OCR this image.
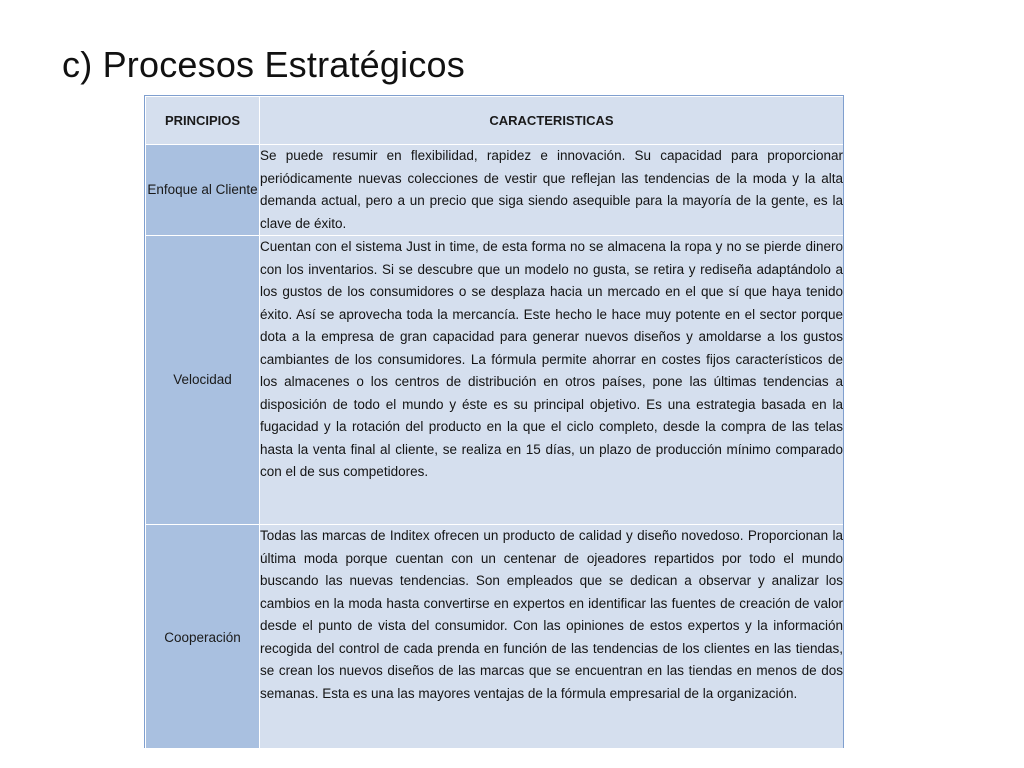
c) Procesos Estratégicos
PRINCIPIOS	CARACTERISTICAS
Enfoque al Cliente	Se puede resumir en flexibilidad, rapidez e innovación. Su capacidad para proporcionar periódicamente nuevas colecciones de vestir que reflejan las tendencias de la moda y la alta demanda actual, pero a un precio que siga siendo asequible para la mayoría de la gente, es la clave de éxito.
Velocidad	Cuentan con el sistema Just in time, de esta forma no se almacena la ropa y no se pierde dinero con los inventarios. Si se descubre que un modelo no gusta, se retira y rediseña adaptándolo a los gustos de los consumidores o se desplaza hacia un mercado en el que sí que haya tenido éxito. Así se aprovecha toda la mercancía. Este hecho le hace muy potente en el sector porque dota a la empresa de gran capacidad para generar nuevos diseños y amoldarse a los gustos cambiantes de los consumidores. La fórmula permite ahorrar en costes fijos característicos de los almacenes o los centros de distribución en otros países, pone las últimas tendencias a disposición de todo el mundo y éste es su principal objetivo. Es una estrategia basada en la fugacidad y la rotación del producto en la que el ciclo completo, desde la compra de las telas hasta la venta final al cliente, se realiza en 15 días, un plazo de producción mínimo comparado con el de sus competidores.
Cooperación	Todas las marcas de Inditex ofrecen un producto de calidad y diseño novedoso. Proporcionan la última moda porque cuentan con un centenar de ojeadores repartidos por todo el mundo buscando las nuevas tendencias. Son empleados que se dedican a observar y analizar los cambios en la moda hasta convertirse en expertos en identificar las fuentes de creación de valor desde el punto de vista del consumidor. Con las opiniones de estos expertos y la información recogida del control de cada prenda en función de las tendencias de los clientes en las tiendas, se crean los nuevos diseños de las marcas que se encuentran en las tiendas en menos de dos semanas. Esta es una las mayores ventajas de la fórmula empresarial de la organización.
